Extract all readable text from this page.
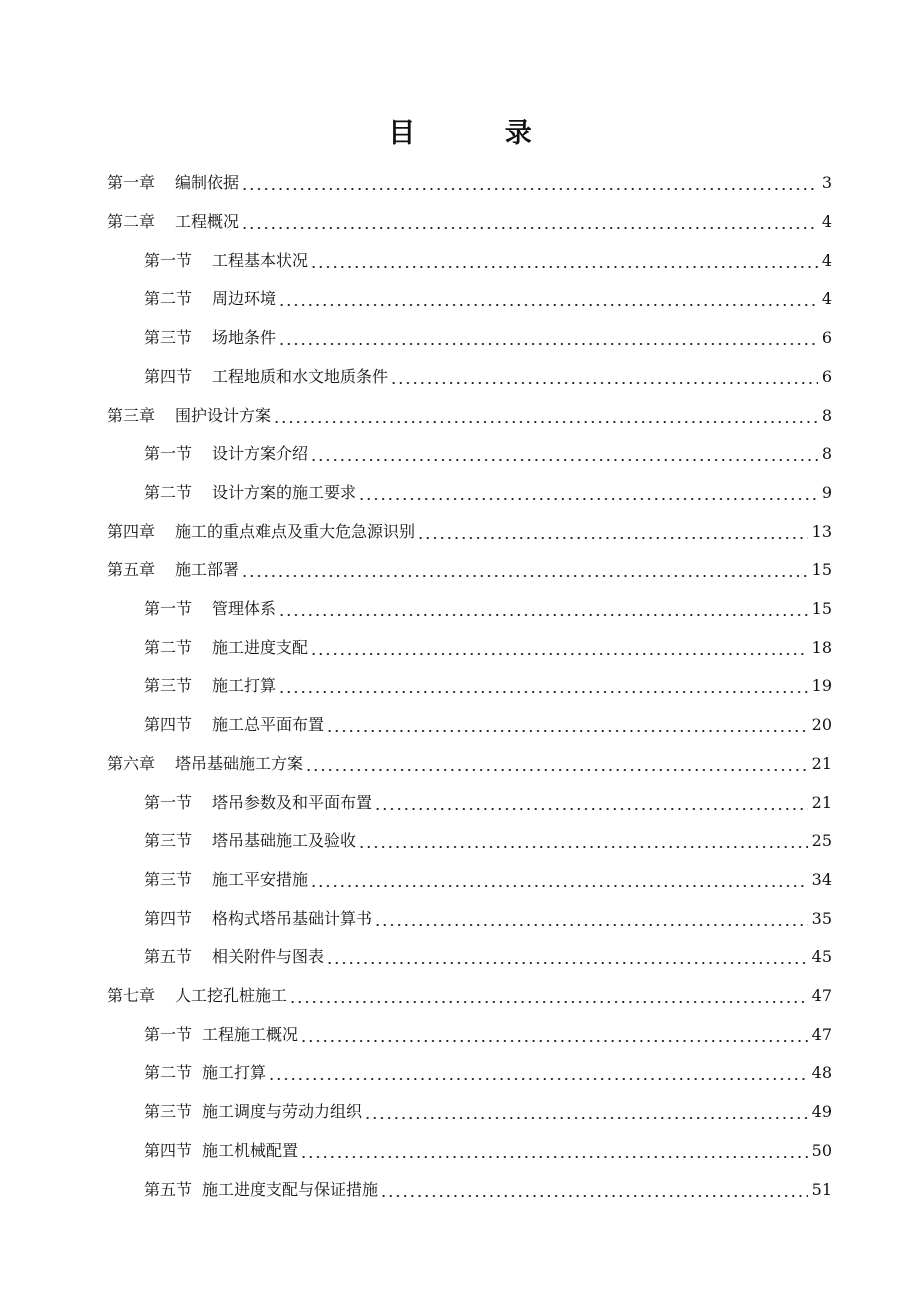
目 录
第一章 编制依据	3
第二章 工程概况	4
第一节 工程基本状况	4
第二节 周边环境	4
第三节 场地条件	6
第四节 工程地质和水文地质条件	6
第三章 围护设计方案	8
第一节 设计方案介绍	8
第二节 设计方案的施工要求	9
第四章 施工的重点难点及重大危急源识别	13
第五章 施工部署	15
第一节 管理体系	15
第二节 施工进度支配	18
第三节 施工打算	19
第四节 施工总平面布置	20
第六章 塔吊基础施工方案	21
第一节 塔吊参数及和平面布置	21
第三节 塔吊基础施工及验收	25
第三节 施工平安措施	34
第四节 格构式塔吊基础计算书	35
第五节 相关附件与图表	45
第七章 人工挖孔桩施工	47
第一节 工程施工概况	47
第二节 施工打算	48
第三节 施工调度与劳动力组织	49
第四节 施工机械配置	50
第五节 施工进度支配与保证措施	51
